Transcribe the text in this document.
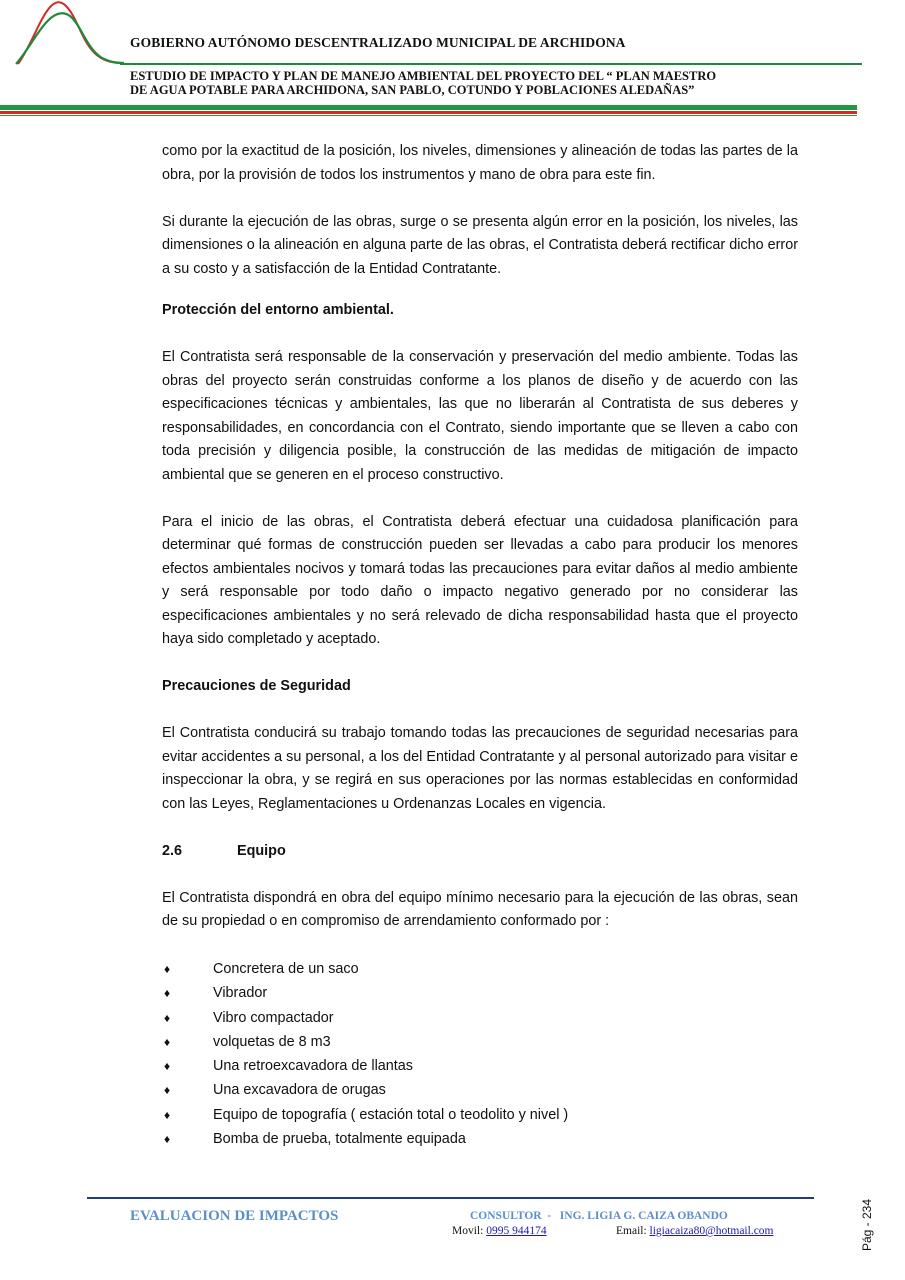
GOBIERNO AUTÓNOMO DESCENTRALIZADO MUNICIPAL DE ARCHIDONA
ESTUDIO DE IMPACTO Y PLAN DE MANEJO AMBIENTAL DEL PROYECTO DEL “ PLAN MAESTRO
DE AGUA POTABLE PARA ARCHIDONA, SAN PABLO, COTUNDO Y POBLACIONES ALEDAÑAS”

como por la exactitud de la posición, los niveles, dimensiones y alineación de todas las partes de la obra, por la provisión de todos los instrumentos y mano de obra para este fin.

Si durante la ejecución de las obras, surge o se presenta algún error en la posición, los niveles, las dimensiones o la alineación en alguna parte de las obras, el Contratista deberá rectificar dicho error a su costo y a satisfacción de la Entidad Contratante.

Protección del entorno ambiental.

El Contratista será responsable de la conservación y preservación del medio ambiente. Todas las obras del proyecto serán construidas conforme a los planos de diseño y de acuerdo con las especificaciones técnicas y ambientales, las que no liberarán al Contratista de sus deberes y responsabilidades, en concordancia con el Contrato, siendo importante que se lleven a cabo con toda precisión y diligencia posible, la construcción de las medidas de mitigación de impacto ambiental que se generen en el proceso constructivo.

Para el inicio de las obras, el Contratista deberá efectuar una cuidadosa planificación para determinar qué formas de construcción pueden ser llevadas a cabo para producir los menores efectos ambientales nocivos y tomará todas las precauciones para evitar daños al medio ambiente y será responsable por todo daño o impacto negativo generado por no considerar las especificaciones ambientales y no será relevado de dicha responsabilidad hasta que el proyecto haya sido completado y aceptado.

Precauciones de Seguridad

El Contratista conducirá su trabajo tomando todas las precauciones de seguridad necesarias para evitar accidentes a su personal, a los del Entidad Contratante y al personal autorizado para visitar e inspeccionar la obra, y se regirá en sus operaciones por las normas establecidas en conformidad con las Leyes, Reglamentaciones u Ordenanzas Locales en vigencia.

2.6	Equipo

El Contratista dispondrá en obra del equipo mínimo necesario para la ejecución de las obras, sean de su propiedad o en compromiso de arrendamiento conformado por :

♦	Concretera de un saco
♦	Vibrador
♦	Vibro compactador
♦	volquetas de 8 m3
♦	Una retroexcavadora de llantas
♦	Una excavadora de orugas
♦	Equipo de topografía ( estación total o teodolito y nivel )
♦	Bomba de prueba, totalmente equipada
EVALUACION DE IMPACTOS	CONSULTOR  -   ING. LIGIA G. CAIZA OBANDO
Movil: 0995 944174	Email: ligiacaiza80@hotmail.com	Pág - 234
